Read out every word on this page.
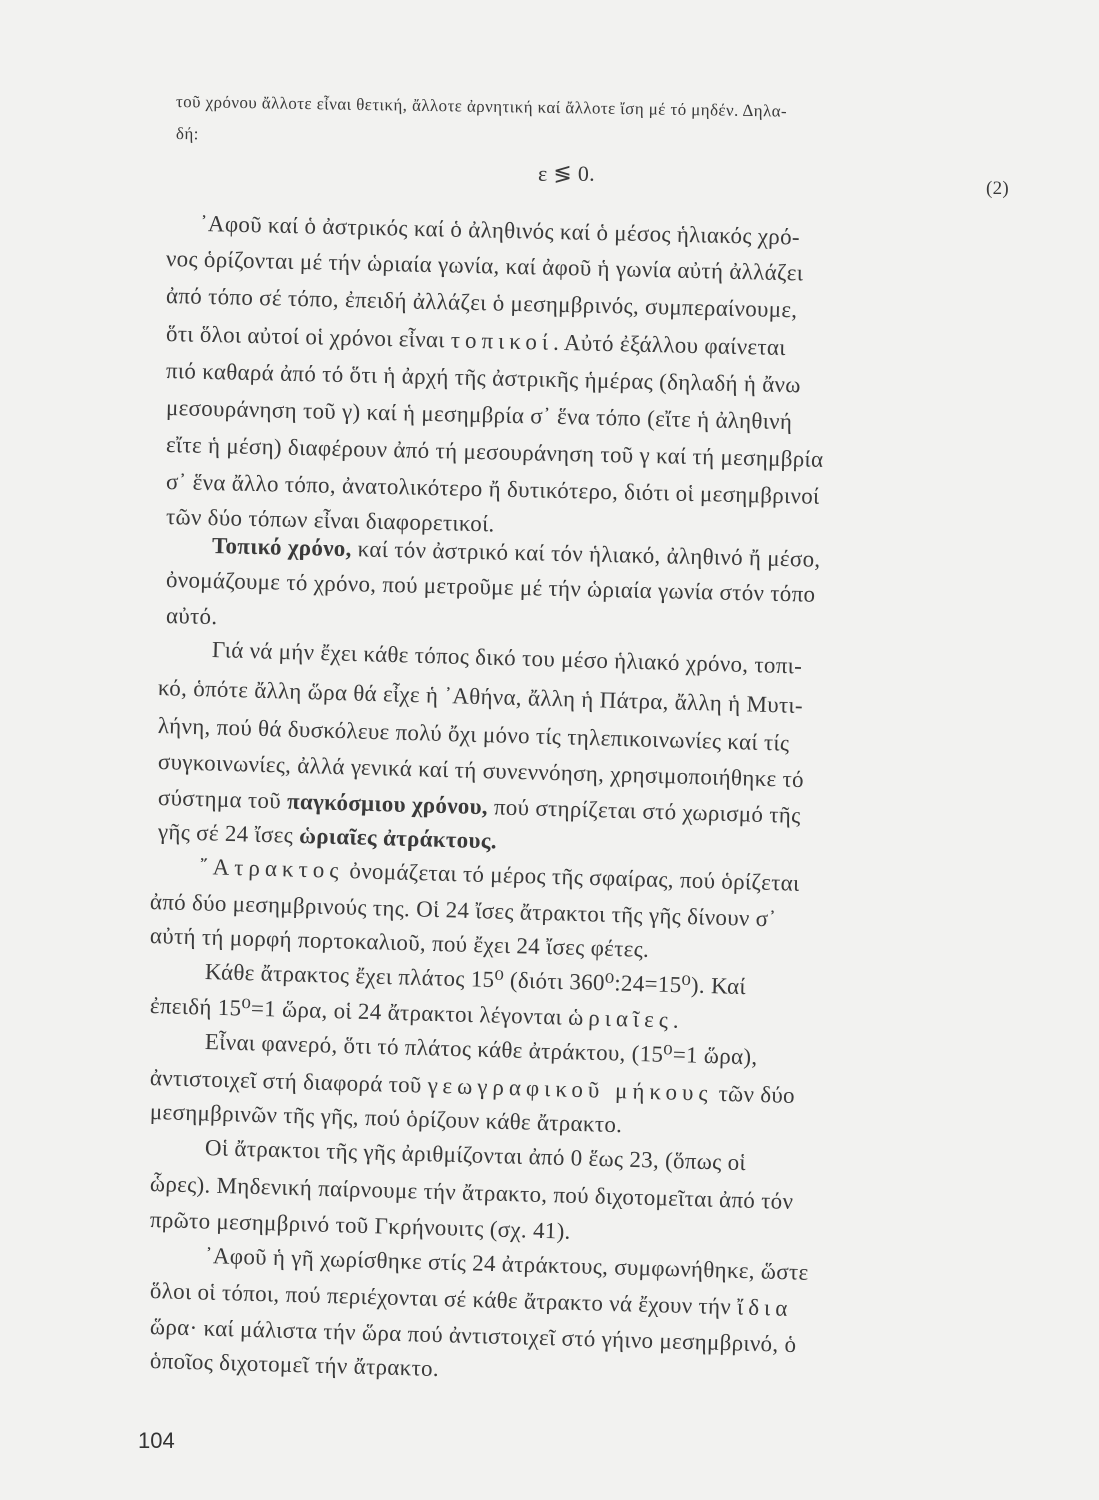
τοῦ χρόνου ἄλλοτε εἶναι θετική, ἄλλοτε ἀρνητική καί ἄλλοτε ἴση μέ τό μηδέν. Δηλα-
δή:
ε ≶ 0.
(2)
᾿Αφοῦ καί ὁ ἀστρικός καί ὁ ἀληθινός καί ὁ μέσος ἡλιακός χρό-
νος ὁρίζονται μέ τήν ὡριαία γωνία, καί ἀφοῦ ἡ γωνία αὐτή ἀλλάζει
ἀπό τόπο σέ τόπο, ἐπειδή ἀλλάζει ὁ μεσημβρινός, συμπεραίνουμε,
ὅτι ὅλοι αὐτοί οἱ χρόνοι εἶναι τοπικοί. Αὐτό ἐξάλλου φαίνεται
πιό καθαρά ἀπό τό ὅτι ἡ ἀρχή τῆς ἀστρικῆς ἡμέρας (δηλαδή ἡ ἄνω
μεσουράνηση τοῦ γ) καί ἡ μεσημβρία σ᾿ ἕνα τόπο (εἴτε ἡ ἀληθινή
εἴτε ἡ μέση) διαφέρουν ἀπό τή μεσουράνηση τοῦ γ καί τή μεσημβρία
σ᾿ ἕνα ἄλλο τόπο, ἀνατολικότερο ἤ δυτικότερο, διότι οἱ μεσημβρινοί
τῶν δύο τόπων εἶναι διαφορετικοί.
Τοπικό χρόνο, καί τόν ἀστρικό καί τόν ἡλιακό, ἀληθινό ἤ μέσο,
ὀνομάζουμε τό χρόνο, πού μετροῦμε μέ τήν ὡριαία γωνία στόν τόπο
αὐτό.
Γιά νά μήν ἔχει κάθε τόπος δικό του μέσο ἡλιακό χρόνο, τοπι-
κό, ὁπότε ἄλλη ὥρα θά εἶχε ἡ ᾿Αθήνα, ἄλλη ἡ Πάτρα, ἄλλη ἡ Μυτι-
λήνη, πού θά δυσκόλευε πολύ ὄχι μόνο τίς τηλεπικοινωνίες καί τίς
συγκοινωνίες, ἀλλά γενικά καί τή συνεννόηση, χρησιμοποιήθηκε τό
σύστημα τοῦ παγκόσμιου χρόνου, πού στηρίζεται στό χωρισμό τῆς
γῆς σέ 24 ἴσες ὡριαῖες ἀτράκτους.
῎Ατρακτος ὀνομάζεται τό μέρος τῆς σφαίρας, πού ὁρίζεται
ἀπό δύο μεσημβρινούς της. Οἱ 24 ἴσες ἄτρακτοι τῆς γῆς δίνουν σ᾿
αὐτή τή μορφή πορτοκαλιοῦ, πού ἔχει 24 ἴσες φέτες.
Κάθε ἄτρακτος ἔχει πλάτος 15⁰ (διότι 360⁰:24=15⁰). Καί
ἐπειδή 15⁰=1 ὥρα, οἱ 24 ἄτρακτοι λέγονται ὡριαῖες.
Εἶναι φανερό, ὅτι τό πλάτος κάθε ἀτράκτου, (15⁰=1 ὥρα),
ἀντιστοιχεῖ στή διαφορά τοῦ γεωγραφικοῦ μήκους τῶν δύο
μεσημβρινῶν τῆς γῆς, πού ὁρίζουν κάθε ἄτρακτο.
Οἱ ἄτρακτοι τῆς γῆς ἀριθμίζονται ἀπό 0 ἕως 23, (ὅπως οἱ
ὧρες). Μηδενική παίρνουμε τήν ἄτρακτο, πού διχοτομεῖται ἀπό τόν
πρῶτο μεσημβρινό τοῦ Γκρήνουιτς (σχ. 41).
᾿Αφοῦ ἡ γῆ χωρίσθηκε στίς 24 ἀτράκτους, συμφωνήθηκε, ὥστε
ὅλοι οἱ τόποι, πού περιέχονται σέ κάθε ἄτρακτο νά ἔχουν τήν ἴδια
ὥρα· καί μάλιστα τήν ὥρα πού ἀντιστοιχεῖ στό γήινο μεσημβρινό, ὁ
ὁποῖος διχοτομεῖ τήν ἄτρακτο.
104
